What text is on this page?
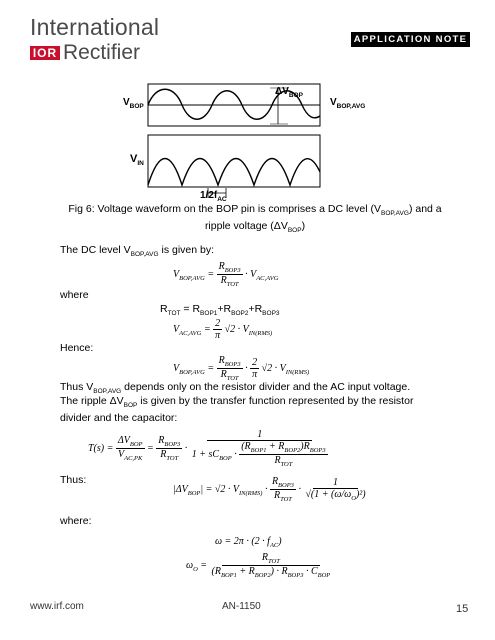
International
IOR Rectifier
APPLICATION NOTE
$V_{BOP}$
$\Delta V_{BOP}$
$V_{BOP,AVG}$
$V_{IN}$
$1/2f_{AC}$
Fig 6: Voltage waveform on the BOP pin is comprises a DC level $(V_{BOP,AVG})$ and a
ripple voltage $(\Delta V_{BOP})$
The DC level $V_{BOP,AVG}$ is given by:
$V_{BOP,AVG} = \frac{R_{BOP3}}{R_{TOT}} \cdot V_{AC,AVG}$
where
$R_{TOT} = R_{BOP1}+R_{BOP2}+R_{BOP3}$
$V_{AC,AVG} = \frac{2}{\pi} √2 \cdot V_{IN(RMS)}$
Hence:
$V_{BOP,AVG} = \frac{R_{BOP3}}{R_{TOT}} \cdot \frac{2}{\pi} √2 \cdot V_{IN(RMS)}$
Thus $V_{BOP,AVG}$ depends only on the resistor divider and the AC input voltage.
The ripple $\Delta V_{BOP}$ is given by the transfer function represented by the resistor
divider and the capacitor:
$T(s) = \frac{\Delta V_{BOP}}{V_{AC,PK}} = \frac{R_{BOP3}}{R_{TOT}} \cdot \frac{1}{1 + sC_{BOP} \cdot \frac{(R_{BOP1} + R_{BOP2})R_{BOP3}}{R_{TOT}}}$
Thus:
$|\Delta V_{BOP}| = √2 \cdot V_{IN(RMS)} \cdot \frac{R_{BOP3}}{R_{TOT}} \cdot \frac{1}{√(1 + (\omega/\omega_O)^2)}$
where:
$\omega = 2\pi \cdot (2 \cdot f_{AC})$
$\omega_O = \frac{R_{TOT}}{(R_{BOP1} + R_{BOP2}) \cdot R_{BOP3} \cdot C_{BOP}}$
www.irf.com	AN-1150	15
